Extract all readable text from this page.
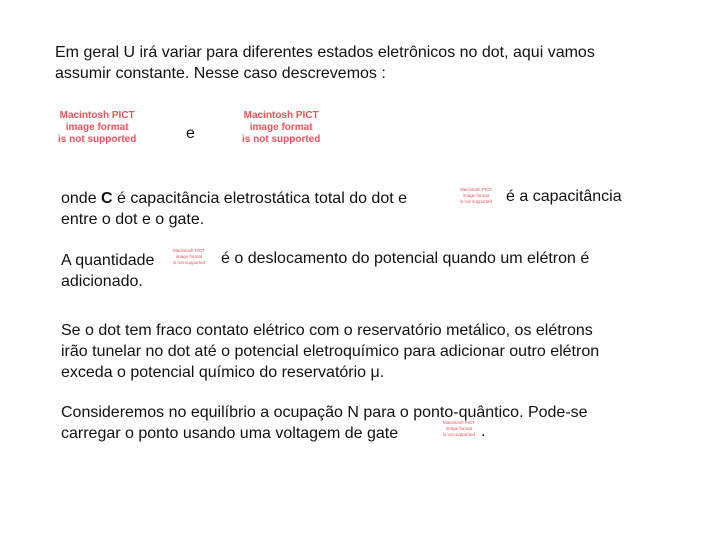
Em geral U irá variar para diferentes estados eletrônicos no dot, aqui vamos
assumir constante. Nesse caso descrevemos :
Macintosh PICT
image format
is not supported	e
Macintosh PICT
image format
is not supported
onde C é capacitância eletrostática total do dot e
entre o dot e o gate.
Macintosh PICT
image format
is not supported é a capacitância
A quantidade
adicionado.
Macintosh PICT
image format
is not supported é o deslocamento do potencial quando um elétron é
Se o dot tem fraco contato elétrico com o reservatório metálico, os elétrons
irão tunelar no dot até o potencial eletroquímico para adicionar outro elétron
exceda o potencial químico do reservatório μ.
Consideremos no equilíbrio a ocupação N para o ponto-quântico. Pode-se
carregar o ponto usando uma voltagem de gate
Macintosh PICT
image format
is not supported .
